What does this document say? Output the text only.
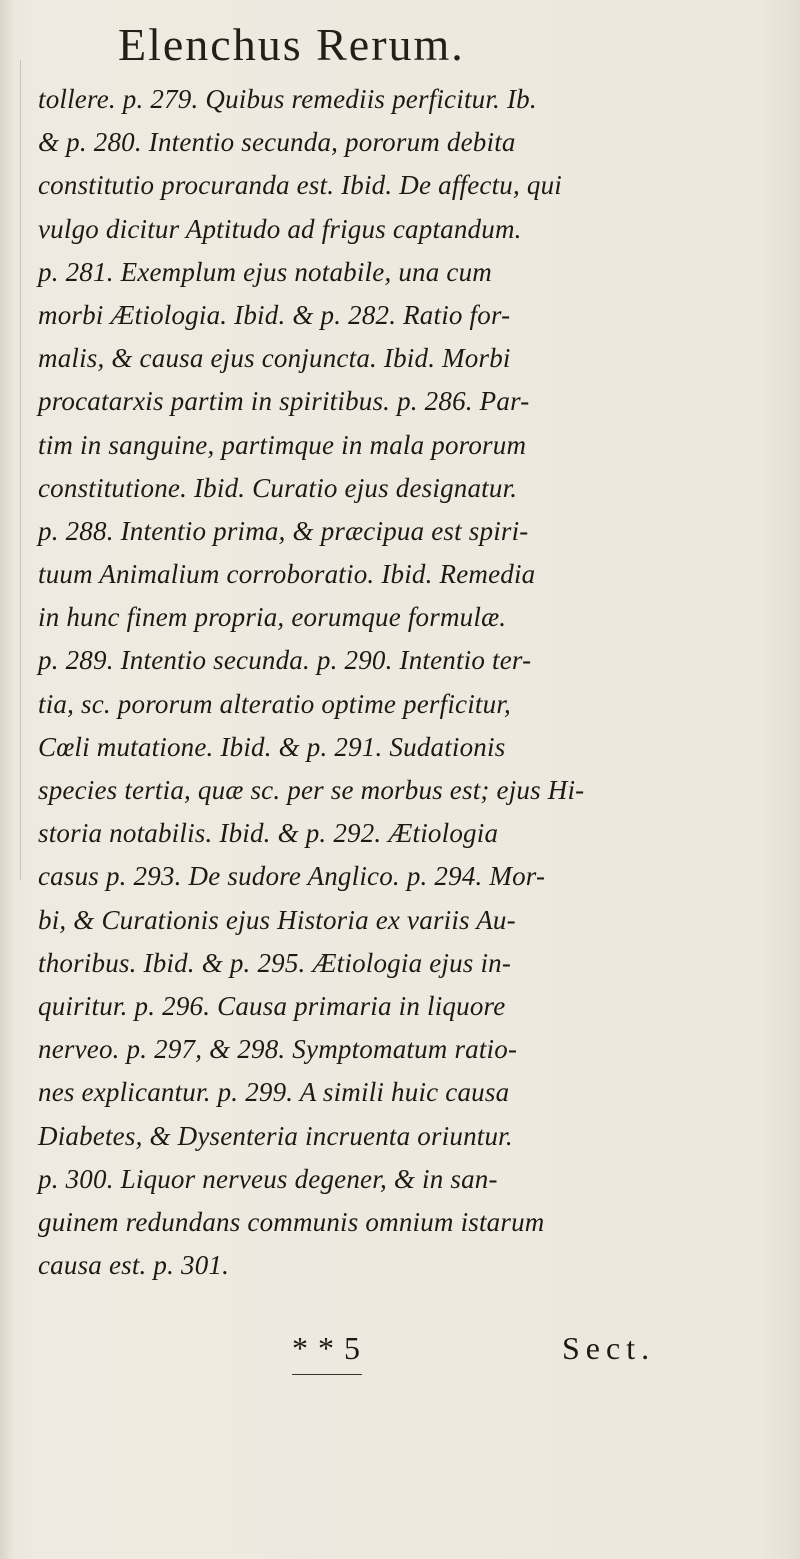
Elenchus Rerum.
tollere. p. 279. Quibus remediis perficitur. Ib.
& p. 280. Intentio secunda, pororum debita
constitutio procuranda est. Ibid. De affectu, qui
vulgo dicitur Aptitudo ad frigus captandum.
p. 281. Exemplum ejus notabile, una cum
morbi Ætiologia. Ibid. & p. 282. Ratio for-
malis, & causa ejus conjuncta. Ibid. Morbi
procatarxis partim in spiritibus. p. 286. Par-
tim in sanguine, partimque in mala pororum
constitutione. Ibid. Curatio ejus designatur.
p. 288. Intentio prima, & præcipua est spiri-
tuum Animalium corroboratio. Ibid. Remedia
in hunc finem propria, eorumque formulæ.
p. 289. Intentio secunda. p. 290. Intentio ter-
tia, sc. pororum alteratio optime perficitur,
Cœli mutatione. Ibid. & p. 291. Sudationis
species tertia, quæ sc. per se morbus est; ejus Hi-
storia notabilis. Ibid. & p. 292. Ætiologia
casus p. 293. De sudore Anglico. p. 294. Mor-
bi, & Curationis ejus Historia ex variis Au-
thoribus. Ibid. & p. 295. Ætiologia ejus in-
quiritur. p. 296. Causa primaria in liquore
nerveo. p. 297, & 298. Symptomatum ratio-
nes explicantur. p. 299. A simili huic causa
Diabetes, & Dysenteria incruenta oriuntur.
p. 300. Liquor nerveus degener, & in san-
guinem redundans communis omnium istarum
causa est. p. 301.
* * 5	Sect.
